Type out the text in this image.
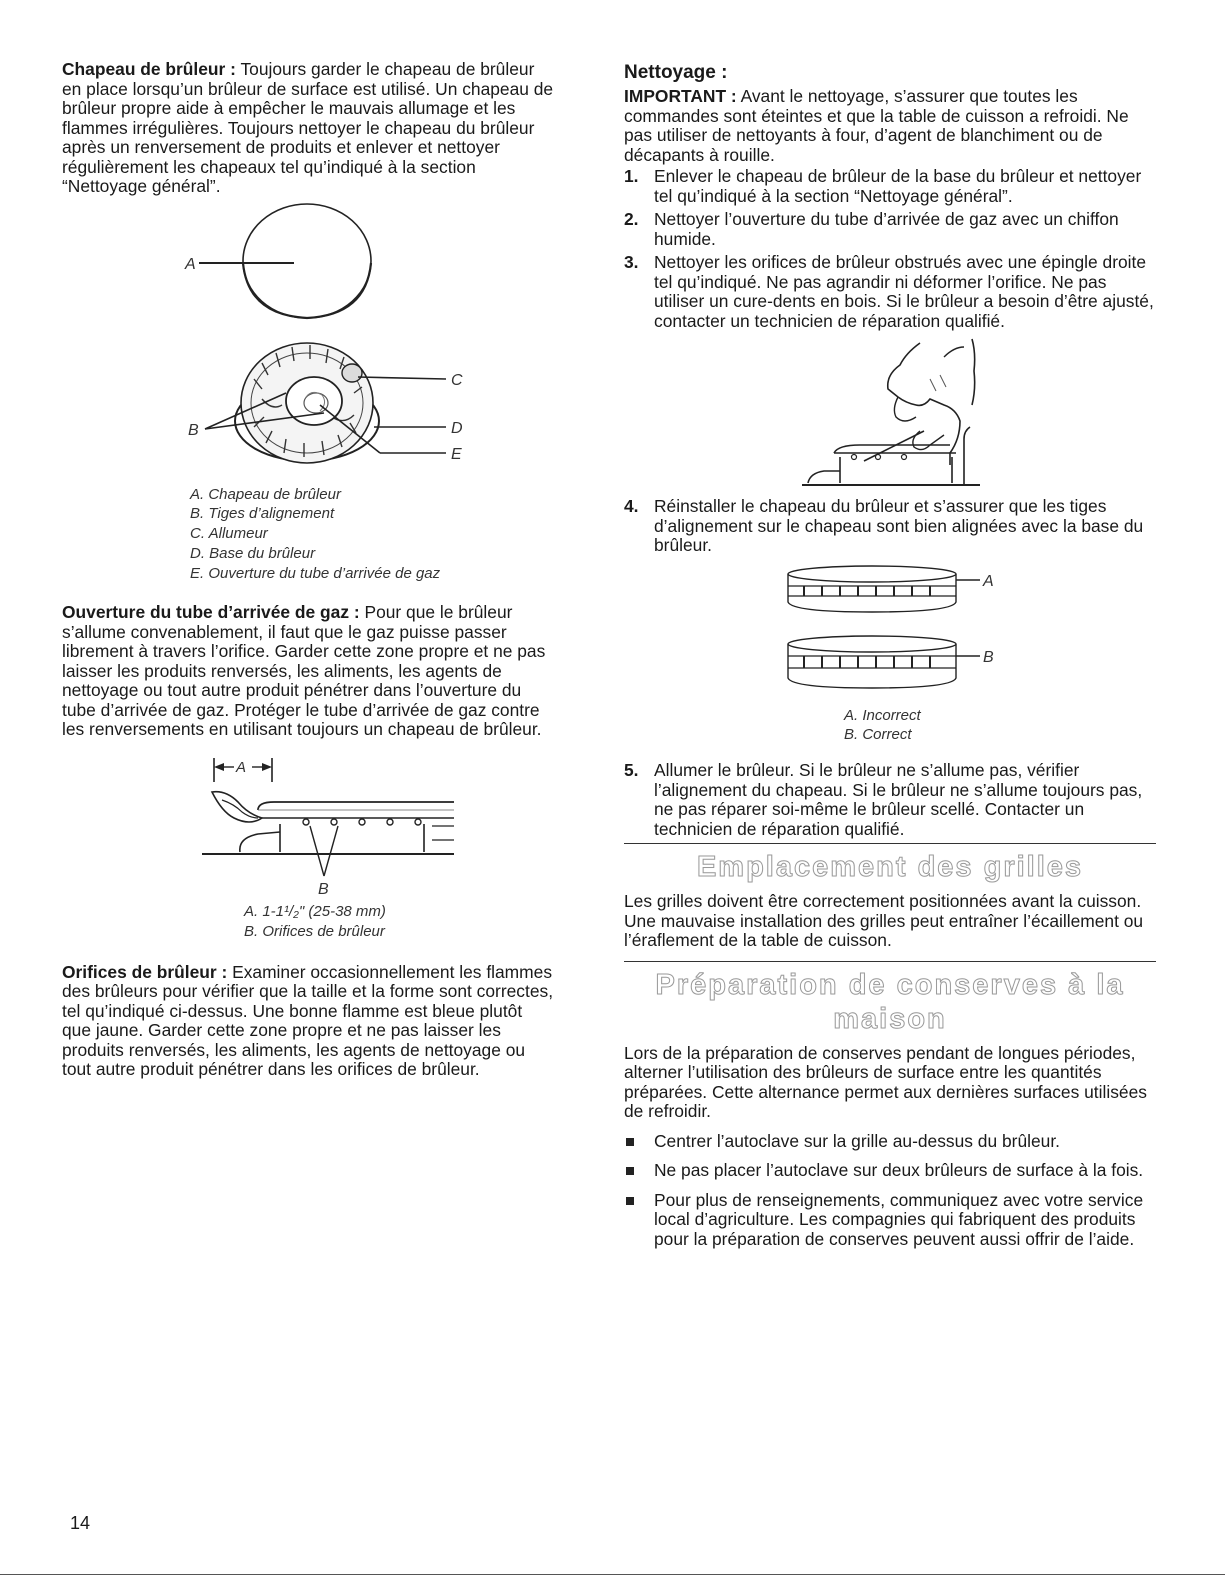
Chapeau de brûleur : Toujours garder le chapeau de brûleur en place lorsqu’un brûleur de surface est utilisé. Un chapeau de brûleur propre aide à empêcher le mauvais allumage et les flammes irrégulières. Toujours nettoyer le chapeau du brûleur après un renversement de produits et enlever et nettoyer régulièrement les chapeaux tel qu’indiqué à la section “Nettoyage général”.

A
B
C
D
E
A. Chapeau de brûleur
B. Tiges d’alignement
C. Allumeur
D. Base du brûleur
E. Ouverture du tube d’arrivée de gaz

Ouverture du tube d’arrivée de gaz : Pour que le brûleur s’allume convenablement, il faut que le gaz puisse passer librement à travers l’orifice. Garder cette zone propre et ne pas laisser les produits renversés, les aliments, les agents de nettoyage ou tout autre produit pénétrer dans l’ouverture du tube d’arrivée de gaz. Protéger le tube d’arrivée de gaz contre les renversements en utilisant toujours un chapeau de brûleur.

A
B
A. 1-1¹/₂" (25-38 mm)
B. Orifices de brûleur

Orifices de brûleur : Examiner occasionnellement les flammes des brûleurs pour vérifier que la taille et la forme sont correctes, tel qu’indiqué ci-dessus. Une bonne flamme est bleue plutôt que jaune. Garder cette zone propre et ne pas laisser les produits renversés, les aliments, les agents de nettoyage ou tout autre produit pénétrer dans les orifices de brûleur.

Nettoyage :

IMPORTANT : Avant le nettoyage, s’assurer que toutes les commandes sont éteintes et que la table de cuisson a refroidi. Ne pas utiliser de nettoyants à four, d’agent de blanchiment ou de décapants à rouille.

1. Enlever le chapeau de brûleur de la base du brûleur et nettoyer tel qu’indiqué à la section “Nettoyage général”.
2. Nettoyer l’ouverture du tube d’arrivée de gaz avec un chiffon humide.
3. Nettoyer les orifices de brûleur obstrués avec une épingle droite tel qu’indiqué. Ne pas agrandir ni déformer l’orifice. Ne pas utiliser un cure-dents en bois. Si le brûleur a besoin d’être ajusté, contacter un technicien de réparation qualifié.
4. Réinstaller le chapeau du brûleur et s’assurer que les tiges d’alignement sur le chapeau sont bien alignées avec la base du brûleur.
A
B
A. Incorrect
B. Correct
5. Allumer le brûleur. Si le brûleur ne s’allume pas, vérifier l’alignement du chapeau. Si le brûleur ne s’allume toujours pas, ne pas réparer soi-même le brûleur scellé. Contacter un technicien de réparation qualifié.
Emplacement des grilles

Les grilles doivent être correctement positionnées avant la cuisson. Une mauvaise installation des grilles peut entraîner l’écaillement ou l’éraflement de la table de cuisson.

Préparation de conserves à la maison

Lors de la préparation de conserves pendant de longues périodes, alterner l’utilisation des brûleurs de surface entre les quantités préparées. Cette alternance permet aux dernières surfaces utilisées de refroidir.

Centrer l’autoclave sur la grille au-dessus du brûleur.
Ne pas placer l’autoclave sur deux brûleurs de surface à la fois.
Pour plus de renseignements, communiquez avec votre service local d’agriculture. Les compagnies qui fabriquent des produits pour la préparation de conserves peuvent aussi offrir de l’aide.
14
